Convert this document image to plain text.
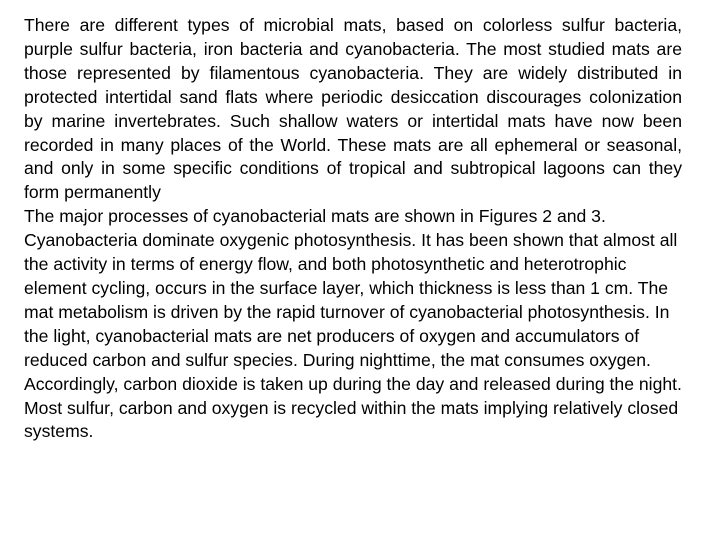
There are different types of microbial mats, based on colorless sulfur bacteria, purple sulfur bacteria, iron bacteria and cyanobacteria. The most studied mats are those represented by filamentous cyanobacteria. They are widely distributed in protected intertidal sand flats where periodic desiccation discourages colonization by marine invertebrates. Such shallow waters or intertidal mats have now been recorded in many places of the World. These mats are all ephemeral or seasonal, and only in some specific conditions of tropical and subtropical lagoons can they form permanently

The major processes of cyanobacterial mats are shown in Figures 2 and 3. Cyanobacteria dominate oxygenic photosynthesis. It has been shown that almost all the activity in terms of energy flow, and both photosynthetic and heterotrophic element cycling, occurs in the surface layer, which thickness is less than 1 cm. The mat metabolism is driven by the rapid turnover of cyanobacterial photosynthesis. In the light, cyanobacterial mats are net producers of oxygen and accumulators of reduced carbon and sulfur species. During nighttime, the mat consumes oxygen. Accordingly, carbon dioxide is taken up during the day and released during the night. Most sulfur, carbon and oxygen is recycled within the mats implying relatively closed systems.
